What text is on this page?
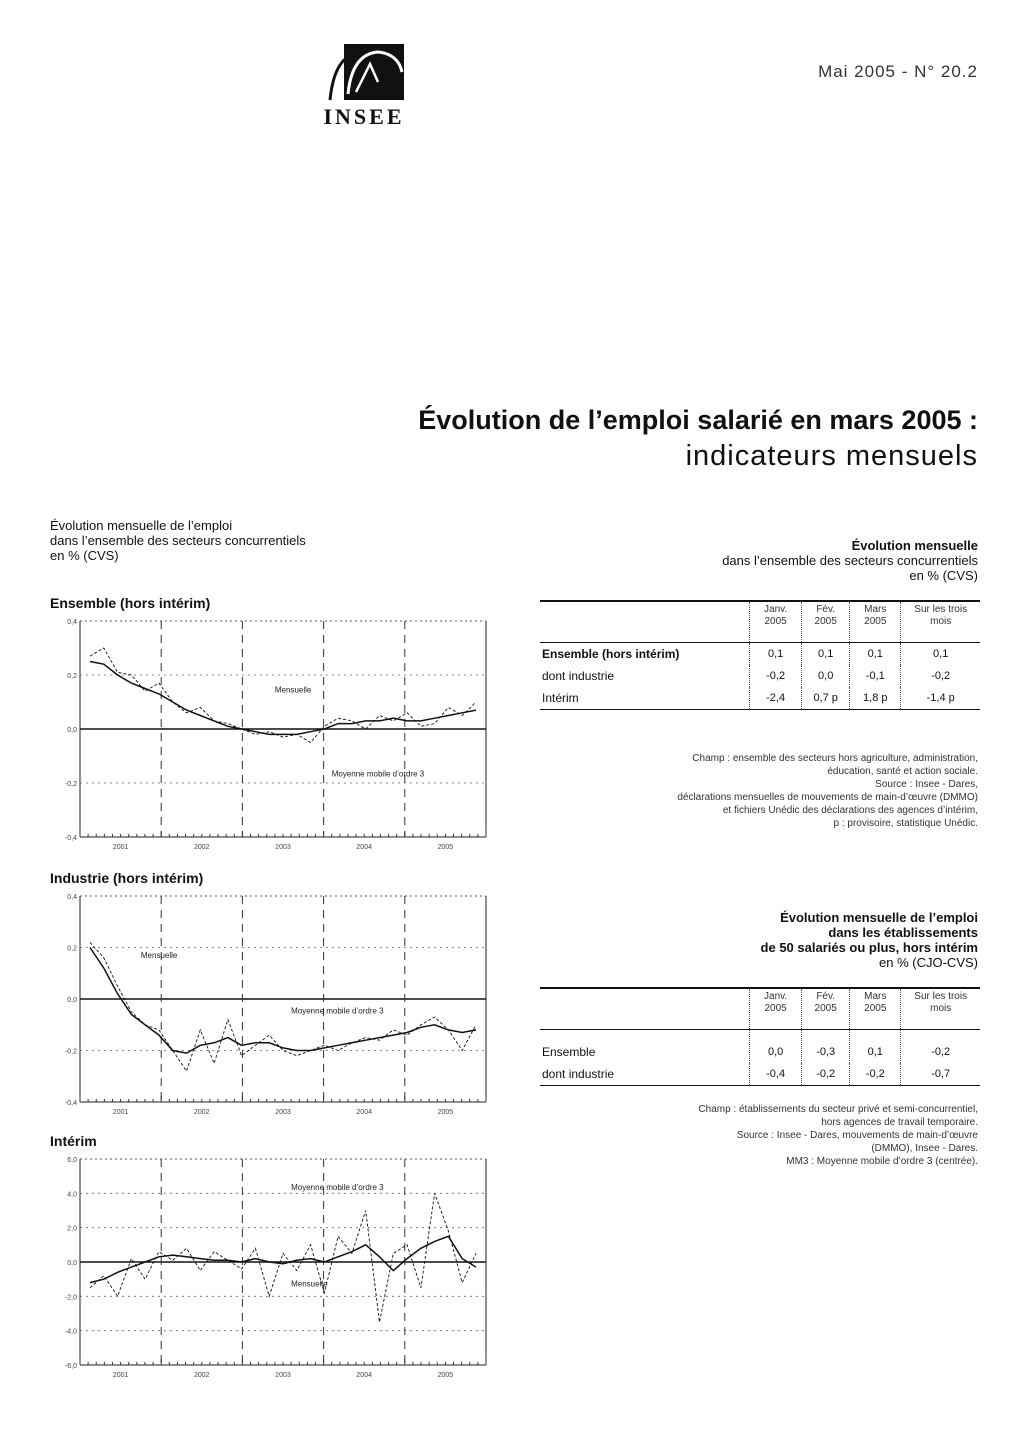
INSEE
Mai 2005 - N° 20.2
Évolution de l’emploi salarié en mars 2005 :
indicateurs mensuels
Évolution mensuelle de l’emploi
dans l’ensemble des secteurs concurrentiels
en % (CVS)
Ensemble (hors intérim)
0,4
0,2
0,0
-0,2
-0,4
2001	2002	2003	2004	2005
Mensuelle
Moyenne mobile d’ordre 3
Industrie (hors intérim)
0,4
0,2
0,0
-0,2
-0,4
2001	2002	2003	2004	2005
Mensuelle
Moyenne mobile d’ordre 3
Intérim
6,0
4,0
2,0
0,0
-2,0
-4,0
-6,0
2001	2002	2003	2004	2005
Moyenne mobile d’ordre 3
Mensuelle
Évolution mensuelle
dans l’ensemble des secteurs concurrentiels
en % (CVS)
	Janv. 2005	Fév. 2005	Mars 2005	Sur les trois mois
Ensemble (hors intérim)	0,1	0,1	0,1	0,1
dont industrie	-0,2	0,0	-0,1	-0,2
Intérim	-2,4	0,7 p	1,8 p	-1,4 p

Champ : ensemble des secteurs hors agriculture, administration,
éducation, santé et action sociale.
Source : Insee - Dares,
déclarations mensuelles de mouvements de main-d’œuvre (DMMO)
et fichiers Unédic des déclarations des agences d’intérim,
p : provisoire, statistique Unédic.
Évolution mensuelle de l’emploi
dans les établissements
de 50 salariés ou plus, hors intérim
en % (CJO-CVS)
	Janv. 2005	Fév. 2005	Mars 2005	Sur les trois mois
Ensemble	0,0	-0,3	0,1	-0,2
dont industrie	-0,4	-0,2	-0,2	-0,7

Champ : établissements du secteur privé et semi-concurrentiel,
hors agences de travail temporaire.
Source : Insee - Dares, mouvements de main-d’œuvre
(DMMO), Insee - Dares.
MM3 : Moyenne mobile d’ordre 3 (centrée).
